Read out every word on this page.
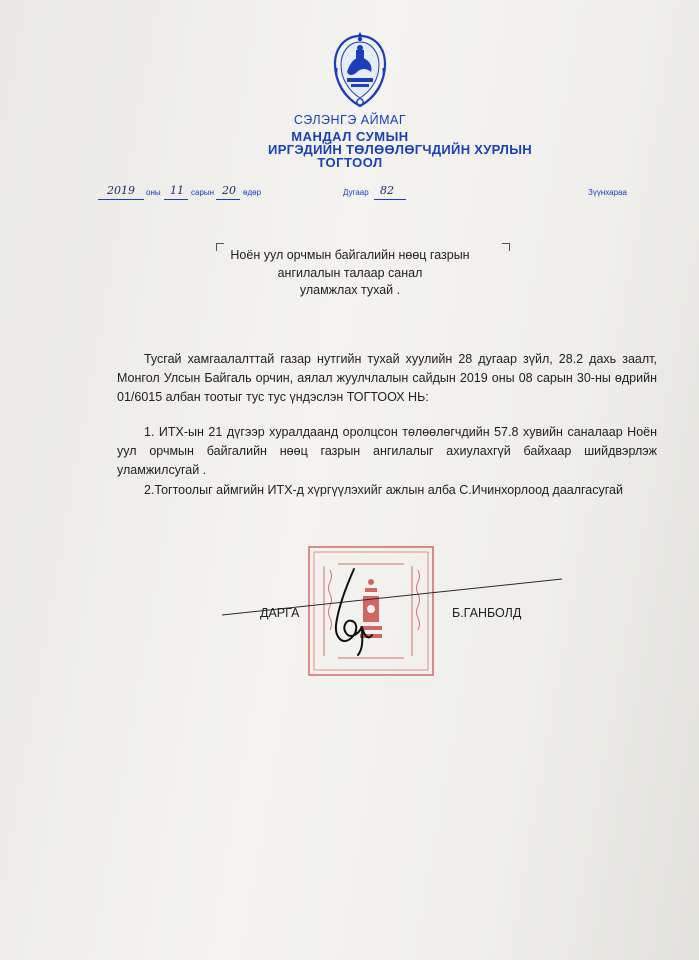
СЭЛЭНГЭ АЙМАГ
МАНДАЛ СУМЫН
ИРГЭДИЙН ТӨЛӨӨЛӨГЧДИЙН ХУРЛЫН
ТОГТООЛ
2019 оны 11 сарын 20 өдөр	Дугаар 82	Зүүнхараа
Ноён уул орчмын байгалийн нөөц газрын
ангилалын талаар санал
уламжлах тухай .
Тусгай хамгаалалттай газар нутгийн тухай хуулийн 28 дугаар зүйл, 28.2 дахь заалт, Монгол Улсын Байгаль орчин, аялал жуулчлалын сайдын 2019 оны 08 сарын 30-ны өдрийн 01/6015 албан тоотыг тус тус үндэслэн ТОГТООХ НЬ:
1. ИТХ-ын 21 дүгээр хуралдаанд оролцсон төлөөлөгчдийн 57.8 хувийн саналаар Ноён уул орчмын байгалийн нөөц газрын ангилалыг ахиулахгүй байхаар шийдвэрлэж уламжилсугай .
2.Тогтоолыг аймгийн ИТХ-д хүргүүлэхийг ажлын алба С.Ичинхорлоод даалгасугай
ДАРГА	Б.ГАНБОЛД
